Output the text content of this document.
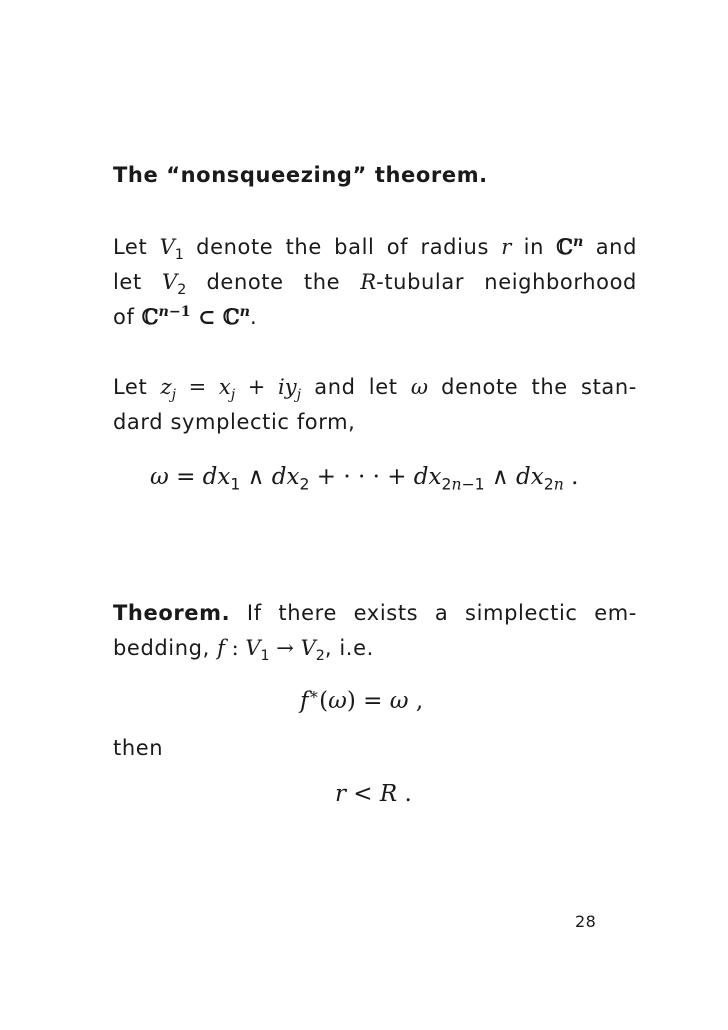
The “nonsqueezing” theorem.
Let $V_1$ denote the ball of radius r in ℂ$^n$ and
let $V_2$ denote the R-tubular neighborhood
of ℂ$^{n-1}$ ⊂ ℂ$^n$.
Let $z_j = x_j + iy_j$ and let ω denote the stan-
dard symplectic form,
$\omega = dx_1$ ∧ $dx_2$ + · · · + $dx_{2n-1}$ ∧ $dx_{2n}$ .
Theorem. If there exists a simplectic em-
bedding, f : $V_1 \to V_2$, i.e.
f∗(ω) = ω ,
then
r < R .
28
